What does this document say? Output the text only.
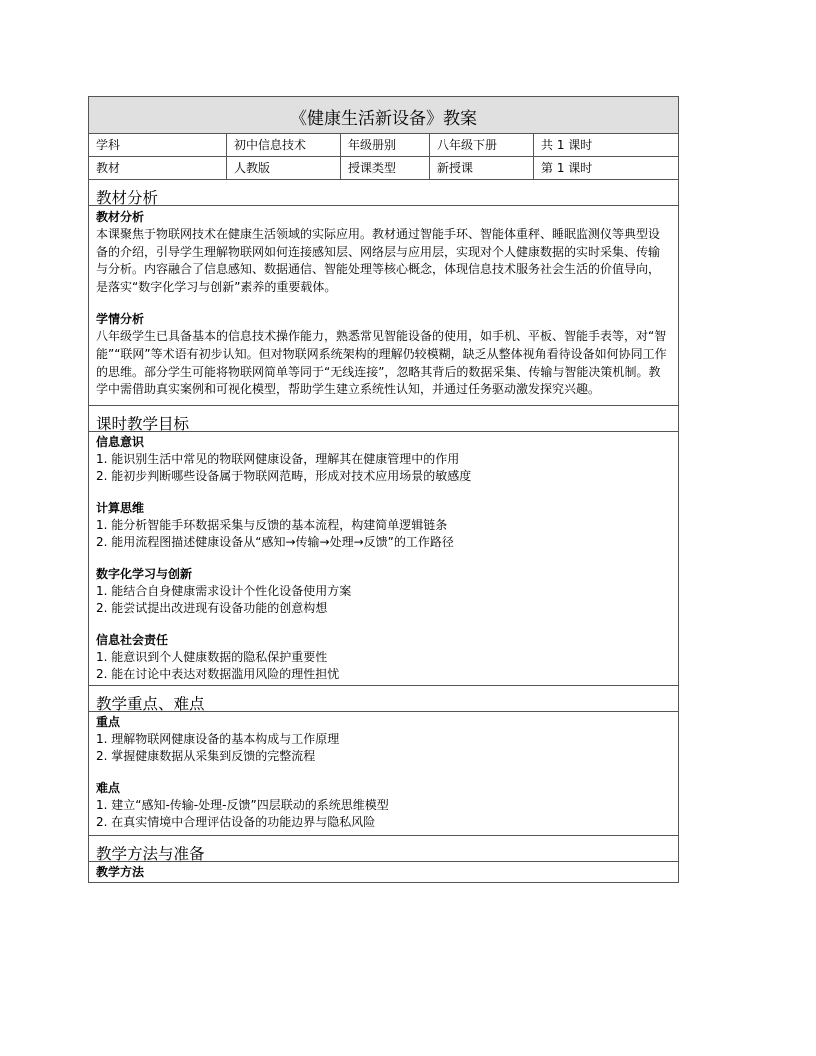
《健康生活新设备》教案
学科	初中信息技术	年级册别	八年级下册	共 1 课时
教材	人教版	授课类型	新授课	第 1 课时
教材分析
教材分析
本课聚焦于物联网技术在健康生活领域的实际应用。教材通过智能手环、智能体重秤、睡眠监测仪等典型设备的介绍，引导学生理解物联网如何连接感知层、网络层与应用层，实现对个人健康数据的实时采集、传输与分析。内容融合了信息感知、数据通信、智能处理等核心概念，体现信息技术服务社会生活的价值导向，是落实“数字化学习与创新”素养的重要载体。
学情分析
八年级学生已具备基本的信息技术操作能力，熟悉常见智能设备的使用，如手机、平板、智能手表等，对“智能”“联网”等术语有初步认知。但对物联网系统架构的理解仍较模糊，缺乏从整体视角看待设备如何协同工作的思维。部分学生可能将物联网简单等同于“无线连接”，忽略其背后的数据采集、传输与智能决策机制。教学中需借助真实案例和可视化模型，帮助学生建立系统性认知，并通过任务驱动激发探究兴趣。
课时教学目标
信息意识
1. 能识别生活中常见的物联网健康设备，理解其在健康管理中的作用
2. 能初步判断哪些设备属于物联网范畴，形成对技术应用场景的敏感度
计算思维
1. 能分析智能手环数据采集与反馈的基本流程，构建简单逻辑链条
2. 能用流程图描述健康设备从“感知→传输→处理→反馈”的工作路径
数字化学习与创新
1. 能结合自身健康需求设计个性化设备使用方案
2. 能尝试提出改进现有设备功能的创意构想
信息社会责任
1. 能意识到个人健康数据的隐私保护重要性
2. 能在讨论中表达对数据滥用风险的理性担忧
教学重点、难点
重点
1. 理解物联网健康设备的基本构成与工作原理
2. 掌握健康数据从采集到反馈的完整流程
难点
1. 建立“感知-传输-处理-反馈”四层联动的系统思维模型
2. 在真实情境中合理评估设备的功能边界与隐私风险
教学方法与准备
教学方法
